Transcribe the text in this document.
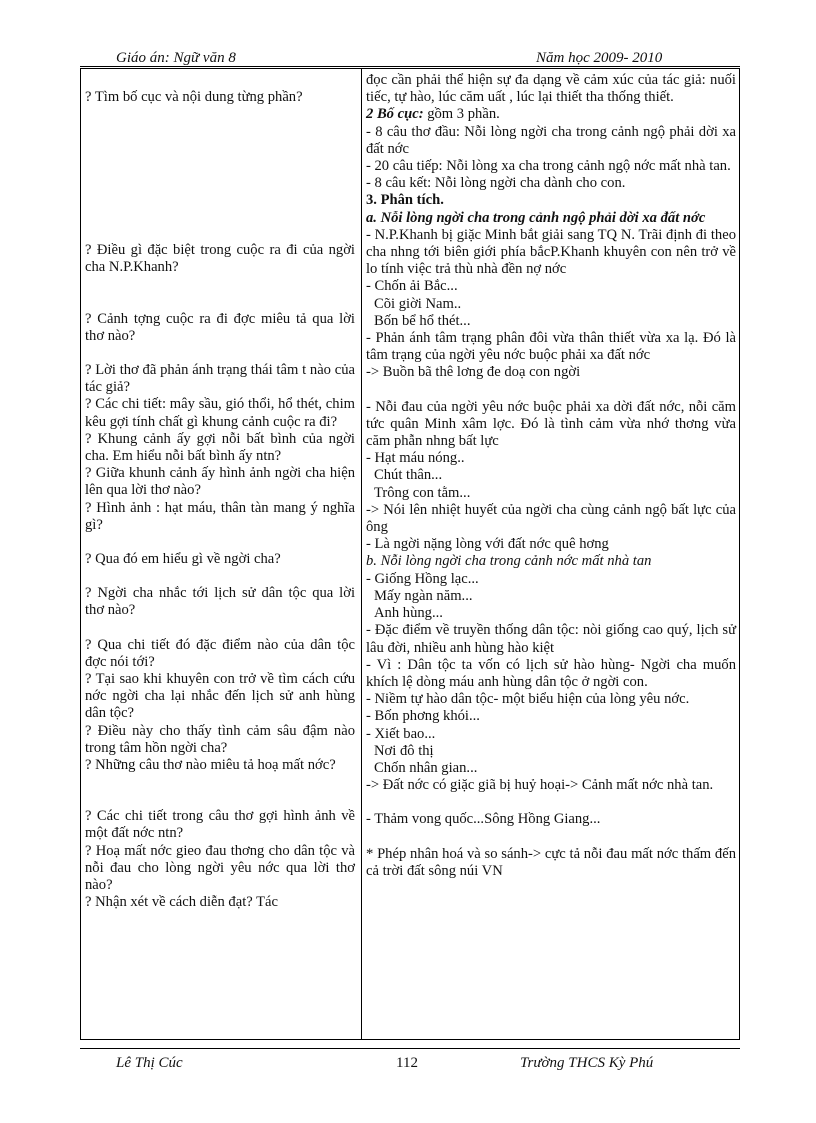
Giáo án: Ngữ văn 8	Năm học 2009- 2010

? Tìm bố cục và nội dung từng phần?

? Điều gì đặc biệt trong cuộc ra đi của ngời cha N.P.Khanh?

? Cảnh tợng cuộc ra đi đợc miêu tả qua lời thơ nào?

? Lời thơ đã phản ánh trạng thái tâm t nào của tác giả?

? Các chi tiết: mây sầu, gió thổi, hổ thét, chim kêu gợi tính chất gì khung cảnh cuộc ra đi?

? Khung cảnh ấy gợi nỗi bất bình của ngời cha. Em hiểu nỗi bất bình ấy ntn?

? Giữa khunh cảnh ấy hình ảnh ngời cha hiện lên qua lời thơ nào?

? Hình ảnh : hạt máu, thân tàn mang ý nghĩa gì?

? Qua đó em hiểu gì về ngời cha?

? Ngời cha nhắc tới lịch sử dân tộc qua lời thơ nào?

? Qua chi tiết đó đặc điểm nào của dân tộc đợc nói tới?

? Tại sao khi khuyên con trở về tìm cách cứu nớc ngời cha lại nhắc đến lịch sử anh hùng dân tộc?

? Điều này cho thấy tình cảm sâu đậm nào trong tâm hồn ngời cha?

? Những câu thơ nào miêu tả hoạ mất nớc?

? Các chi tiết trong câu thơ gợi hình ảnh về một đất nớc ntn?

? Hoạ mất nớc gieo đau thơng cho dân tộc và nỗi đau cho lòng ngời yêu nớc qua lời thơ nào?

? Nhận xét về cách diễn đạt? Tác

đọc cần phải thể hiện sự đa dạng về cảm xúc của tác giả: nuối tiếc, tự hào, lúc căm uất , lúc lại thiết tha thống thiết.

2 Bố cục: gồm 3 phần.

- 8 câu thơ đầu: Nỗi lòng ngời cha trong cảnh ngộ phải dời xa đất nớc

- 20 câu tiếp: Nỗi lòng xa cha trong cảnh ngộ nớc mất nhà tan.

- 8 câu kết: Nỗi lòng ngời cha dành cho con.

3. Phân tích.

a. Nỗi lòng ngời cha trong cảnh ngộ phải dời xa đất nớc

- N.P.Khanh bị giặc Minh bắt giải sang TQ N. Trãi định đi theo cha nhng tới biên giới phía bắcP.Khanh khuyên con nên trở về lo tính việc trả thù nhà đền nợ nớc

- Chốn ải Bắc...

Cõi giời Nam..

Bốn bể hổ thét...

- Phản ánh tâm trạng phân đôi vừa thân thiết vừa xa lạ. Đó là tâm trạng của ngời yêu nớc buộc phải xa đất nớc

-> Buồn bã thê lơng đe doạ con ngời

- Nỗi đau của ngời yêu nớc buộc phải xa dời đất nớc, nỗi căm tức quân Minh xâm lợc. Đó là tình cảm vừa nhớ thơng vừa căm phẫn nhng bất lực

- Hạt máu nóng..

Chút thân...

Trông con tằm...

-> Nói lên nhiệt huyết của ngời cha cùng cảnh ngộ bất lực của ông

- Là ngời nặng lòng với đất nớc quê hơng

b. Nỗi lòng ngời cha trong cảnh nớc mất nhà tan

- Giống Hồng lạc...

Mấy ngàn năm...

Anh hùng...

- Đặc điểm về truyền thống dân tộc: nòi giống cao quý, lịch sử lâu đời, nhiều anh hùng hào kiệt

- Vì : Dân tộc ta vốn có lịch sử hào hùng- Ngời cha muốn khích lệ dòng máu anh hùng dân tộc ở ngời con.

- Niềm tự hào dân tộc- một biểu hiện của lòng yêu nớc.

- Bốn phơng khói...

- Xiết bao...

Nơi đô thị

Chốn nhân gian...

-> Đất nớc có giặc giã bị huỷ hoại-> Cảnh mất nớc nhà tan.

- Thảm vong quốc...Sông Hồng Giang...

* Phép nhân hoá và so sánh-> cực tả nỗi đau mất nớc thấm đến cả trời đất sông núi VN

Lê Thị Cúc	112	Trường THCS Kỳ Phú
